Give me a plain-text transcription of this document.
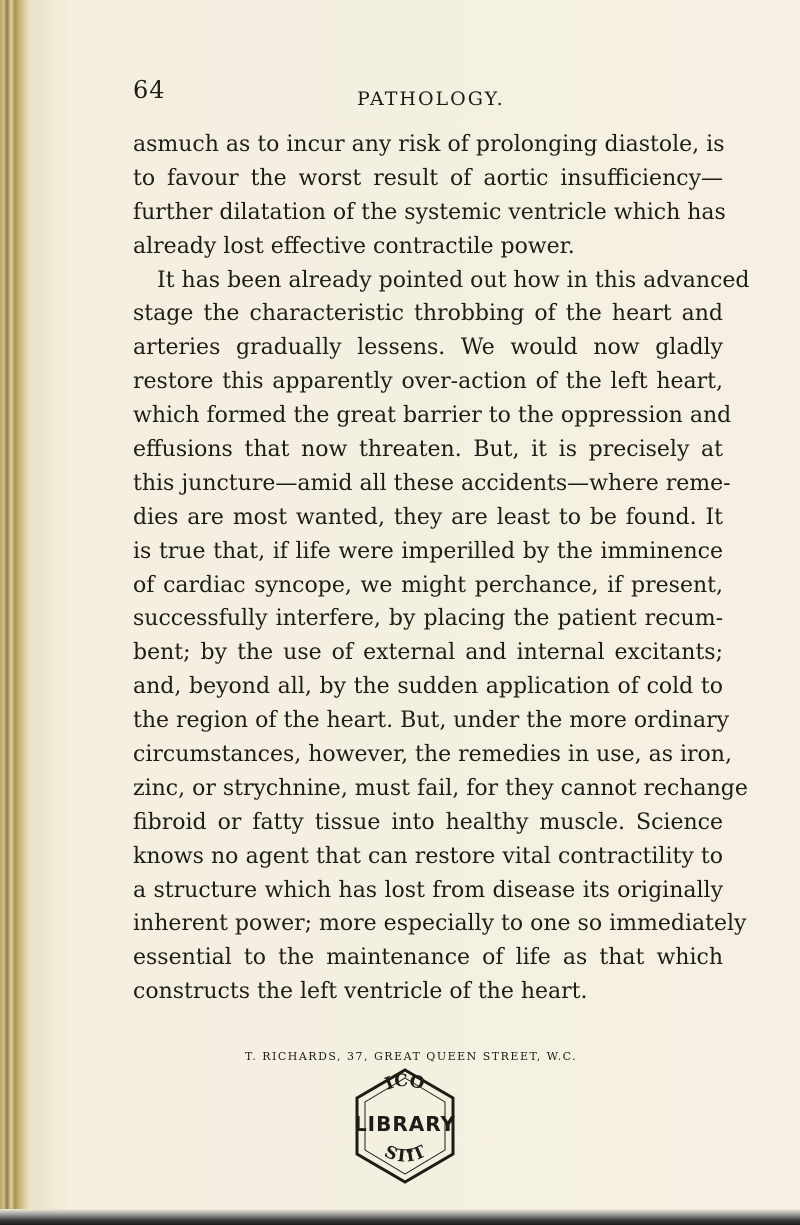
64	PATHOLOGY.
asmuch as to incur any risk of prolonging diastole, is
to favour the worst result of aortic insufficiency—
further dilatation of the systemic ventricle which has
already lost effective contractile power.
It has been already pointed out how in this advanced
stage the characteristic throbbing of the heart and
arteries gradually lessens. We would now gladly
restore this apparently over-action of the left heart,
which formed the great barrier to the oppression and
effusions that now threaten. But, it is precisely at
this juncture—amid all these accidents—where reme-
dies are most wanted, they are least to be found. It
is true that, if life were imperilled by the imminence
of cardiac syncope, we might perchance, if present,
successfully interfere, by placing the patient recum-
bent; by the use of external and internal excitants;
and, beyond all, by the sudden application of cold to
the region of the heart. But, under the more ordinary
circumstances, however, the remedies in use, as iron,
zinc, or strychnine, must fail, for they cannot rechange
fibroid or fatty tissue into healthy muscle. Science
knows no agent that can restore vital contractility to
a structure which has lost from disease its originally
inherent power; more especially to one so immediately
essential to the maintenance of life as that which
constructs the left ventricle of the heart.
T. RICHARDS, 37, GREAT QUEEN STREET, W.C.
ICO
STIT
LIBRARY
